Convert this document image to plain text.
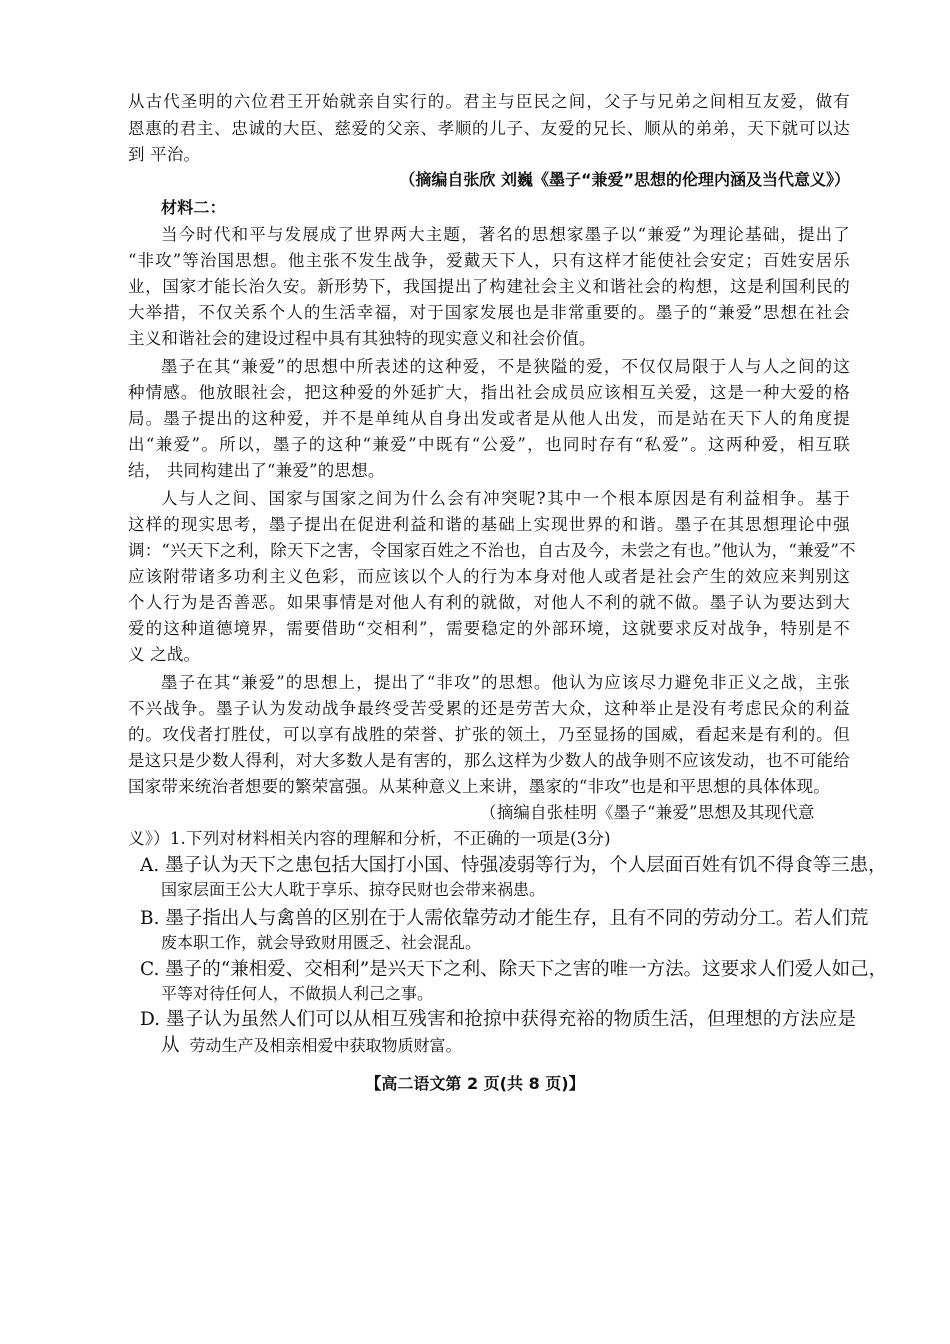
从古代圣明的六位君王开始就亲自实行的。君主与臣民之间，父子与兄弟之间相互友爱，做有
恩惠的君主、忠诚的大臣、慈爱的父亲、孝顺的儿子、友爱的兄长、顺从的弟弟，天下就可以达
到 平治。
（摘编自张欣 刘巍《墨子“兼爱”思想的伦理内涵及当代意义》）
材料二：
当今时代和平与发展成了世界两大主题，著名的思想家墨子以“兼爱”为理论基础，提出了
“非攻”等治国思想。他主张不发生战争，爱戴天下人，只有这样才能使社会安定；百姓安居乐
业，国家才能长治久安。新形势下，我国提出了构建社会主义和谐社会的构想，这是利国利民的
大举措，不仅关系个人的生活幸福，对于国家发展也是非常重要的。墨子的“兼爱”思想在社会
主义和谐社会的建设过程中具有其独特的现实意义和社会价值。
墨子在其“兼爱”的思想中所表述的这种爱，不是狭隘的爱，不仅仅局限于人与人之间的这
种情感。他放眼社会，把这种爱的外延扩大，指出社会成员应该相互关爱，这是一种大爱的格
局。墨子提出的这种爱，并不是单纯从自身出发或者是从他人出发，而是站在天下人的角度提
出“兼爱”。所以，墨子的这种“兼爱”中既有“公爱”，也同时存有“私爱”。这两种爱，相互联
结， 共同构建出了“兼爱”的思想。
人与人之间、国家与国家之间为什么会有冲突呢?其中一个根本原因是有利益相争。基于
这样的现实思考，墨子提出在促进利益和谐的基础上实现世界的和谐。墨子在其思想理论中强
调：“兴天下之利，除天下之害，令国家百姓之不治也，自古及今，未尝之有也。”他认为，“兼爱”不
应该附带诸多功利主义色彩，而应该以个人的行为本身对他人或者是社会产生的效应来判别这
个人行为是否善恶。如果事情是对他人有利的就做，对他人不利的就不做。墨子认为要达到大
爱的这种道德境界，需要借助“交相利”，需要稳定的外部环境，这就要求反对战争，特别是不
义 之战。
墨子在其“兼爱”的思想上，提出了“非攻”的思想。他认为应该尽力避免非正义之战，主张
不兴战争。墨子认为发动战争最终受苦受累的还是劳苦大众，这种举止是没有考虑民众的利益
的。攻伐者打胜仗，可以享有战胜的荣誉、扩张的领土，乃至显扬的国威，看起来是有利的。但
是这只是少数人得利，对大多数人是有害的，那么这样为少数人的战争则不应该发动，也不可能给
国家带来统治者想要的繁荣富强。从某种意义上来讲，墨家的“非攻”也是和平思想的具体体现。
（摘编自张桂明《墨子“兼爱”思想及其现代意
义》）1.下列对材料相关内容的理解和分析，不正确的一项是(3分)
A. 墨子认为天下之患包括大国打小国、恃强凌弱等行为，个人层面百姓有饥不得食等三患，
国家层面王公大人耽于享乐、掠夺民财也会带来祸患。
B. 墨子指出人与禽兽的区别在于人需依靠劳动才能生存，且有不同的劳动分工。若人们荒
废本职工作，就会导致财用匮乏、社会混乱。
C. 墨子的“兼相爱、交相利”是兴天下之利、除天下之害的唯一方法。这要求人们爱人如己，
平等对待任何人，不做损人利己之事。
D. 墨子认为虽然人们可以从相互残害和抢掠中获得充裕的物质生活，但理想的方法应是
从 劳动生产及相亲相爱中获取物质财富。
【高二语文第 2 页(共 8 页)】
